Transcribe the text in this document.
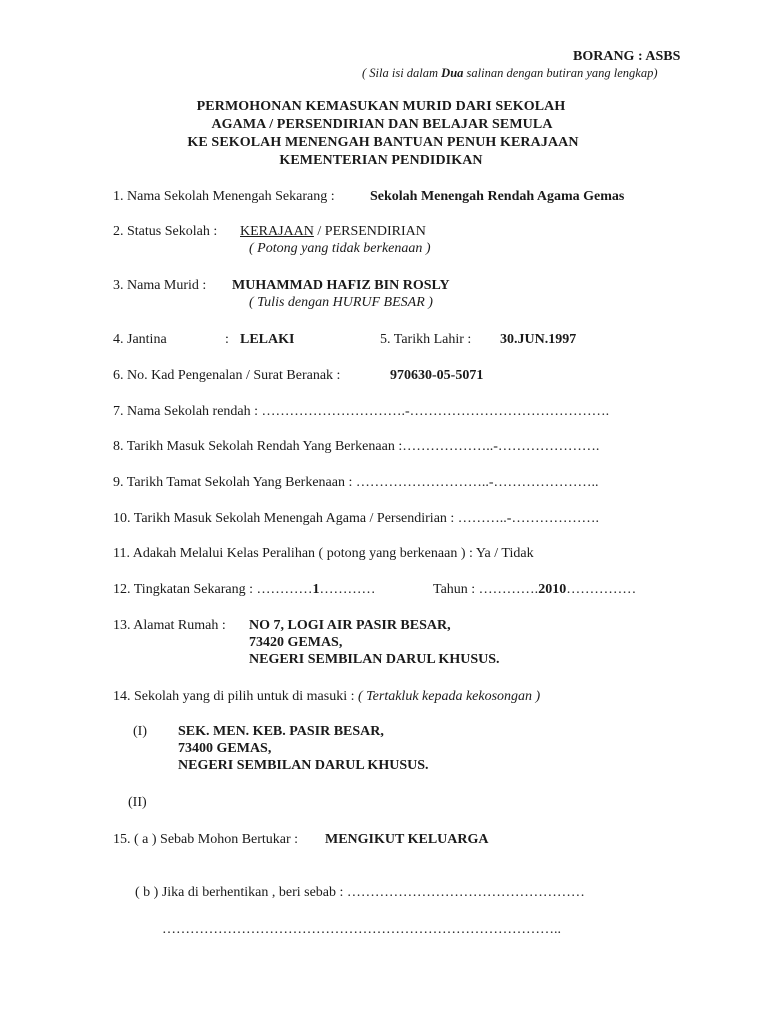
BORANG : ASBS
( Sila isi dalam Dua salinan dengan butiran yang lengkap)
PERMOHONAN KEMASUKAN MURID DARI SEKOLAH
AGAMA / PERSENDIRIAN DAN BELAJAR SEMULA
KE SEKOLAH MENENGAH BANTUAN PENUH KERAJAAN
KEMENTERIAN PENDIDIKAN
1. Nama Sekolah Menengah Sekarang :	Sekolah Menengah Rendah Agama Gemas
2. Status Sekolah : KERAJAAN / PERSENDIRIAN
( Potong yang tidak berkenaan )
3. Nama Murid : MUHAMMAD HAFIZ BIN ROSLY
( Tulis dengan HURUF BESAR )
4. Jantina	: LELAKI	5. Tarikh Lahir : 30.JUN.1997
6. No. Kad Pengenalan / Surat Beranak :	970630-05-5071
7. Nama Sekolah rendah : ………………………….-…………………………………….
8. Tarikh Masuk Sekolah Rendah Yang Berkenaan :………………..-………………….
9. Tarikh Tamat Sekolah Yang Berkenaan : ………………………..-…………………..
10. Tarikh Masuk Sekolah Menengah Agama / Persendirian : ………..-……………….
11. Adakah Melalui Kelas Peralihan ( potong yang berkenaan ) : Ya / Tidak
12. Tingkatan Sekarang : …………1…………	Tahun : ………….2010……………
13. Alamat Rumah : NO 7, LOGI AIR PASIR BESAR,
73420 GEMAS,
NEGERI SEMBILAN DARUL KHUSUS.
14. Sekolah yang di pilih untuk di masuki : ( Tertakluk kepada kekosongan )
(I) SEK. MEN. KEB. PASIR BESAR,
73400 GEMAS,
NEGERI SEMBILAN DARUL KHUSUS.
(II)
15. ( a ) Sebab Mohon Bertukar : MENGIKUT KELUARGA
( b ) Jika di berhentikan , beri sebab : ……………………………………………
…………………………………………………………………………..
